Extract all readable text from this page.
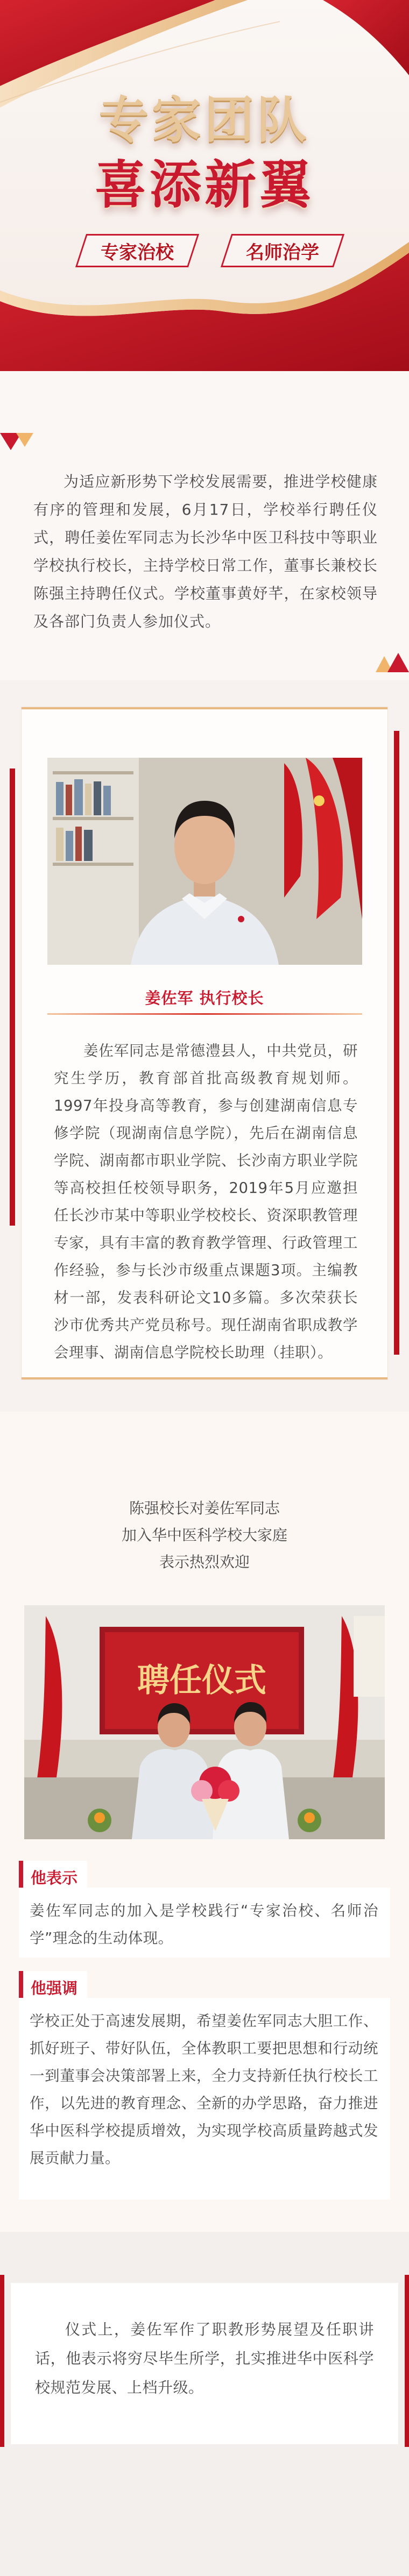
专家团队
喜添新翼
专家治校	名师治学

为适应新形势下学校发展需要，推进学校健康有序的管理和发展，6月17日，学校举行聘任仪式，聘任姜佐军同志为长沙华中医卫科技中等职业学校执行校长，主持学校日常工作，董事长兼校长陈强主持聘任仪式。学校董事黄妤芊，在家校领导及各部门负责人参加仪式。

姜佐军 执行校长

姜佐军同志是常德澧县人，中共党员，研究生学历，教育部首批高级教育规划师。1997年投身高等教育，参与创建湖南信息专修学院（现湖南信息学院），先后在湖南信息学院、湖南都市职业学院、长沙南方职业学院等高校担任校领导职务，2019年5月应邀担任长沙市某中等职业学校校长、资深职教管理专家，具有丰富的教育教学管理、行政管理工作经验，参与长沙市级重点课题3项。主编教材一部，发表科研论文10多篇。多次荣获长沙市优秀共产党员称号。现任湖南省职成教学会理事、湖南信息学院校长助理（挂职）。

陈强校长对姜佐军同志
加入华中医科学校大家庭
表示热烈欢迎
聘任仪式
他表示
姜佐军同志的加入是学校践行“专家治校、名师治学”理念的生动体现。
他强调
学校正处于高速发展期，希望姜佐军同志大胆工作、抓好班子、带好队伍，全体教职工要把思想和行动统一到董事会决策部署上来，全力支持新任执行校长工作，以先进的教育理念、全新的办学思路，奋力推进华中医科学校提质增效，为实现学校高质量跨越式发展贡献力量。

仪式上，姜佐军作了职教形势展望及任职讲话，他表示将穷尽毕生所学，扎实推进华中医科学校规范发展、上档升级。
